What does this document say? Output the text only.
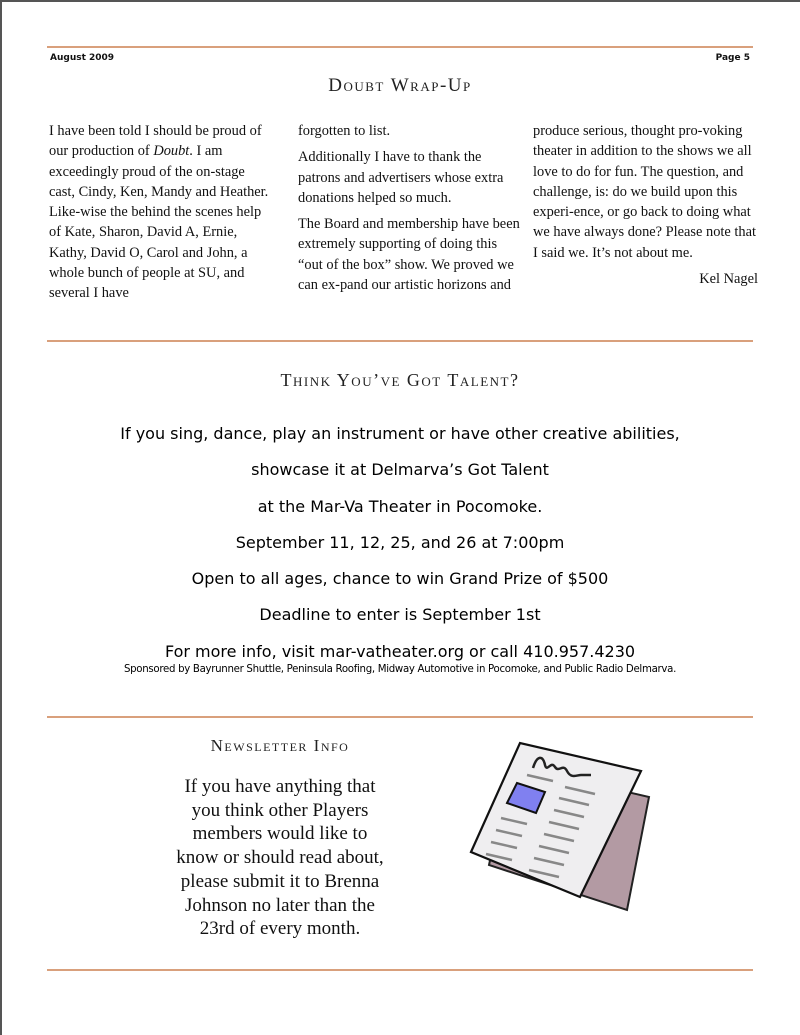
August 2009	Page 5
Doubt Wrap-Up

I have been told I should be proud of our production of Doubt. I am exceedingly proud of the on-stage cast, Cindy, Ken, Mandy and Heather. Like-wise the behind the scenes help of Kate, Sharon, David A, Ernie, Kathy, David O, Carol and John, a whole bunch of people at SU, and several I have

forgotten to list.

Additionally I have to thank the patrons and advertisers whose extra donations helped so much.

The Board and membership have been extremely supporting of doing this “out of the box” show. We proved we can ex-pand our artistic horizons and

produce serious, thought pro-voking theater in addition to the shows we all love to do for fun. The question, and challenge, is: do we build upon this experi-ence, or go back to doing what we have always done? Please note that I said we. It’s not about me.

Kel Nagel
Think You’ve Got Talent?
If you sing, dance, play an instrument or have other creative abilities,
showcase it at Delmarva’s Got Talent
at the Mar-Va Theater in Pocomoke.
September 11, 12, 25, and 26 at 7:00pm
Open to all ages, chance to win Grand Prize of $500
Deadline to enter is September 1st
For more info, visit mar-vatheater.org or call 410.957.4230
Sponsored by Bayrunner Shuttle, Peninsula Roofing, Midway Automotive in Pocomoke, and Public Radio Delmarva.
Newsletter Info
If you have anything that
you think other Players
members would like to
know or should read about,
please submit it to Brenna
Johnson no later than the
23rd of every month.
